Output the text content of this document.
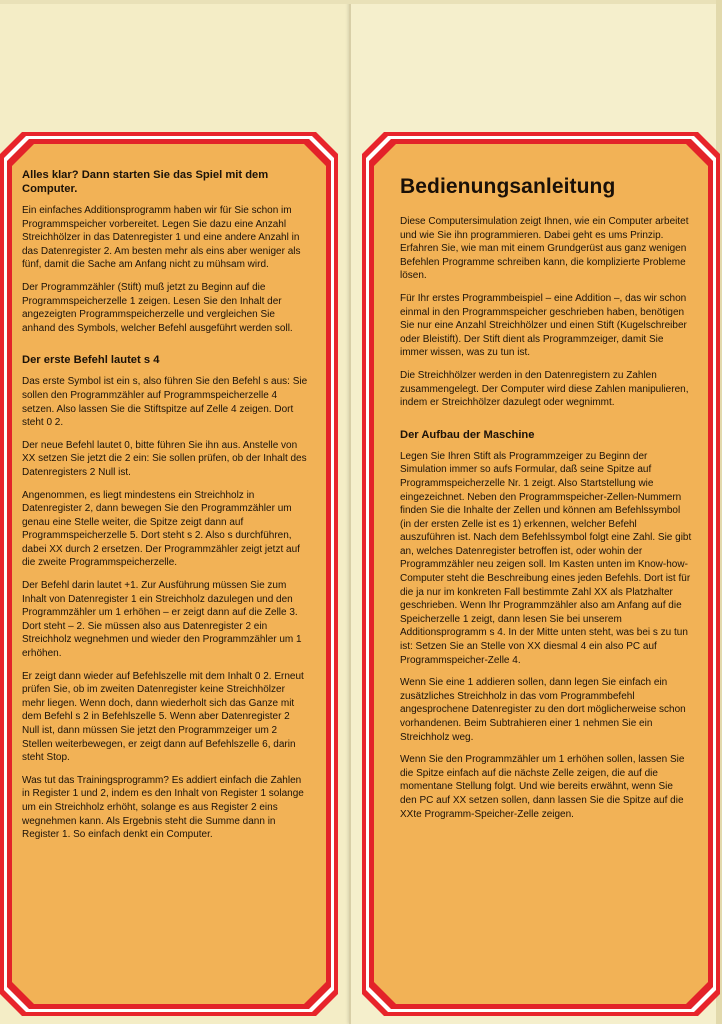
Alles klar? Dann starten Sie das Spiel mit dem Computer.

Ein einfaches Additionsprogramm haben wir für Sie schon im Programmspeicher vorbereitet. Legen Sie dazu eine Anzahl Streichhölzer in das Datenregister 1 und eine andere Anzahl in das Datenregister 2. Am besten mehr als eins aber weniger als fünf, damit die Sache am Anfang nicht zu mühsam wird.

Der Programmzähler (Stift) muß jetzt zu Beginn auf die Programmspeicherzelle 1 zeigen. Lesen Sie den Inhalt der angezeigten Programmspeicherzelle und vergleichen Sie anhand des Symbols, welcher Befehl ausgeführt werden soll.

Der erste Befehl lautet s 4

Das erste Symbol ist ein s, also führen Sie den Befehl s aus: Sie sollen den Programmzähler auf Programmspeicherzelle 4 setzen. Also lassen Sie die Stiftspitze auf Zelle 4 zeigen. Dort steht 0 2.

Der neue Befehl lautet 0, bitte führen Sie ihn aus. Anstelle von XX setzen Sie jetzt die 2 ein: Sie sollen prüfen, ob der Inhalt des Datenregisters 2 Null ist.

Angenommen, es liegt mindestens ein Streichholz in Datenregister 2, dann bewegen Sie den Programmzähler um genau eine Stelle weiter, die Spitze zeigt dann auf Programmspeicherzelle 5. Dort steht s 2. Also s durchführen, dabei XX durch 2 ersetzen. Der Programmzähler zeigt jetzt auf die zweite Programmspeicherzelle.

Der Befehl darin lautet +1. Zur Ausführung müssen Sie zum Inhalt von Datenregister 1 ein Streichholz dazulegen und den Programmzähler um 1 erhöhen – er zeigt dann auf die Zelle 3. Dort steht – 2. Sie müssen also aus Datenregister 2 ein Streichholz wegnehmen und wieder den Programmzähler um 1 erhöhen.

Er zeigt dann wieder auf Befehlszelle mit dem Inhalt 0 2. Erneut prüfen Sie, ob im zweiten Datenregister keine Streichhölzer mehr liegen. Wenn doch, dann wiederholt sich das Ganze mit dem Befehl s 2 in Befehlszelle 5. Wenn aber Datenregister 2 Null ist, dann müssen Sie jetzt den Programmzeiger um 2 Stellen weiterbewegen, er zeigt dann auf Befehlszelle 6, darin steht Stop.

Was tut das Trainingsprogramm? Es addiert einfach die Zahlen in Register 1 und 2, indem es den Inhalt von Register 1 solange um ein Streichholz erhöht, solange es aus Register 2 eins wegnehmen kann. Als Ergebnis steht die Summe dann in Register 1. So einfach denkt ein Computer.

Bedienungsanleitung

Diese Computersimulation zeigt Ihnen, wie ein Computer arbeitet und wie Sie ihn programmieren. Dabei geht es ums Prinzip. Erfahren Sie, wie man mit einem Grundgerüst aus ganz wenigen Befehlen Programme schreiben kann, die komplizierte Probleme lösen.

Für Ihr erstes Programmbeispiel – eine Addition –, das wir schon einmal in den Programmspeicher geschrieben haben, benötigen Sie nur eine Anzahl Streichhölzer und einen Stift (Kugelschreiber oder Bleistift). Der Stift dient als Programmzeiger, damit Sie immer wissen, was zu tun ist.

Die Streichhölzer werden in den Datenregistern zu Zahlen zusammengelegt. Der Computer wird diese Zahlen manipulieren, indem er Streichhölzer dazulegt oder wegnimmt.

Der Aufbau der Maschine

Legen Sie Ihren Stift als Programmzeiger zu Beginn der Simulation immer so aufs Formular, daß seine Spitze auf Programmspeicherzelle Nr. 1 zeigt. Also Startstellung wie eingezeichnet. Neben den Programmspeicher-Zellen-Nummern finden Sie die Inhalte der Zellen und können am Befehlssymbol (in der ersten Zelle ist es 1) erkennen, welcher Befehl auszuführen ist. Nach dem Befehlssymbol folgt eine Zahl. Sie gibt an, welches Datenregister betroffen ist, oder wohin der Programmzähler neu zeigen soll. Im Kasten unten im Know-how-Computer steht die Beschreibung eines jeden Befehls. Dort ist für die ja nur im konkreten Fall bestimmte Zahl XX als Platzhalter geschrieben. Wenn Ihr Programmzähler also am Anfang auf die Speicherzelle 1 zeigt, dann lesen Sie bei unserem Additionsprogramm s 4. In der Mitte unten steht, was bei s zu tun ist: Setzen Sie an Stelle von XX diesmal 4 ein also PC auf Programmspeicher-Zelle 4.

Wenn Sie eine 1 addieren sollen, dann legen Sie einfach ein zusätzliches Streichholz in das vom Programmbefehl angesprochene Datenregister zu den dort möglicherweise schon vorhandenen. Beim Subtrahieren einer 1 nehmen Sie ein Streichholz weg.

Wenn Sie den Programmzähler um 1 erhöhen sollen, lassen Sie die Spitze einfach auf die nächste Zelle zeigen, die auf die momentane Stellung folgt. Und wie bereits erwähnt, wenn Sie den PC auf XX setzen sollen, dann lassen Sie die Spitze auf die XXte Programm-Speicher-Zelle zeigen.
